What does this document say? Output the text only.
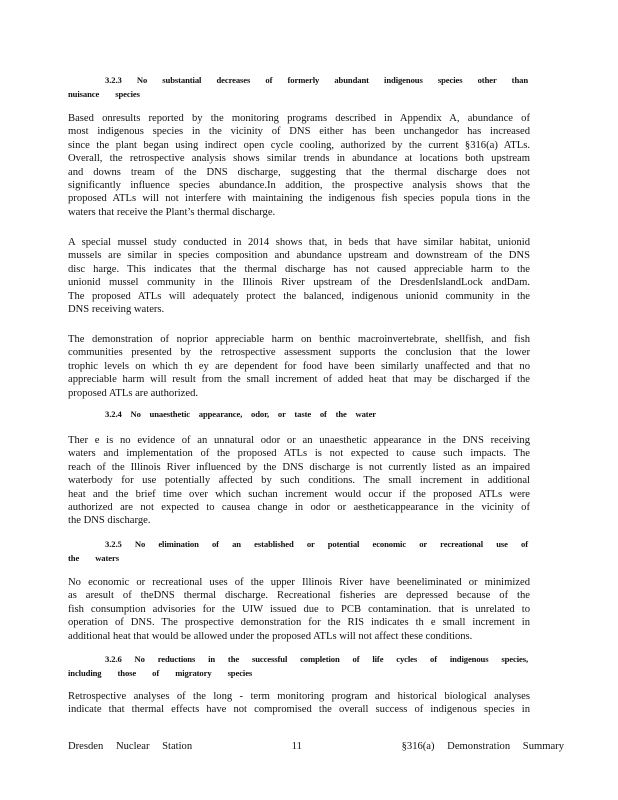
3.2.3 No substantial decreases of formerly abundant indigenous species other than
nuisance species
Based onresults reported by the monitoring programs described in Appendix A, abundance of
most indigenous species in the vicinity of DNS either has been unchangedor has increased
since the plant began using indirect open cycle cooling, authorized by the current §316(a) ATLs.
Overall, the retrospective analysis shows similar trends in abundance at locations both upstream
and downs tream of the DNS discharge, suggesting that the thermal discharge does not
significantly influence species abundance.In addition, the prospective analysis shows that the
proposed ATLs will not interfere with maintaining the indigenous fish species popula tions in the
waters that receive the Plant’s thermal discharge.
A special mussel study conducted in 2014 shows that, in beds that have similar habitat, unionid
mussels are similar in species composition and abundance upstream and downstream of the DNS
disc harge. This indicates that the thermal discharge has not caused appreciable harm to the
unionid mussel community in the Illinois River upstream of the DresdenIslandLock andDam.
The proposed ATLs will adequately protect the balanced, indigenous unionid community in the
DNS receiving waters.
The demonstration of noprior appreciable harm on benthic macroinvertebrate, shellfish, and fish
communities presented by the retrospective assessment supports the conclusion that the lower
trophic levels on which th ey are dependent for food have been similarly unaffected and that no
appreciable harm will result from the small increment of added heat that may be discharged if the
proposed ATLs are authorized.
3.2.4 No unaesthetic appearance, odor, or taste of the water
Ther e is no evidence of an unnatural odor or an unaesthetic appearance in the DNS receiving
waters and implementation of the proposed ATLs is not expected to cause such impacts. The
reach of the Illinois River influenced by the DNS discharge is not currently listed as an impaired
waterbody for use potentially affected by such conditions. The small increment in additional
heat and the brief time over which suchan increment would occur if the proposed ATLs were
authorized are not expected to causea change in odor or aestheticappearance in the vicinity of
the DNS discharge.
3.2.5 No elimination of an established or potential economic or recreational use of
the waters
No economic or recreational uses of the upper Illinois River have beeneliminated or minimized
as aresult of theDNS thermal discharge. Recreational fisheries are depressed because of the
fish consumption advisories for the UIW issued due to PCB contamination. that is unrelated to
operation of DNS. The prospective demonstration for the RIS indicates th e small increment in
additional heat that would be allowed under the proposed ATLs will not affect these conditions.
3.2.6 No reductions in the successful completion of life cycles of indigenous species,
including those of migratory species
Retrospective analyses of the long - term monitoring program and historical biological analyses
indicate that thermal effects have not compromised the overall success of indigenous species in
Dresden Nuclear Station	11	§316(a) Demonstration Summary
